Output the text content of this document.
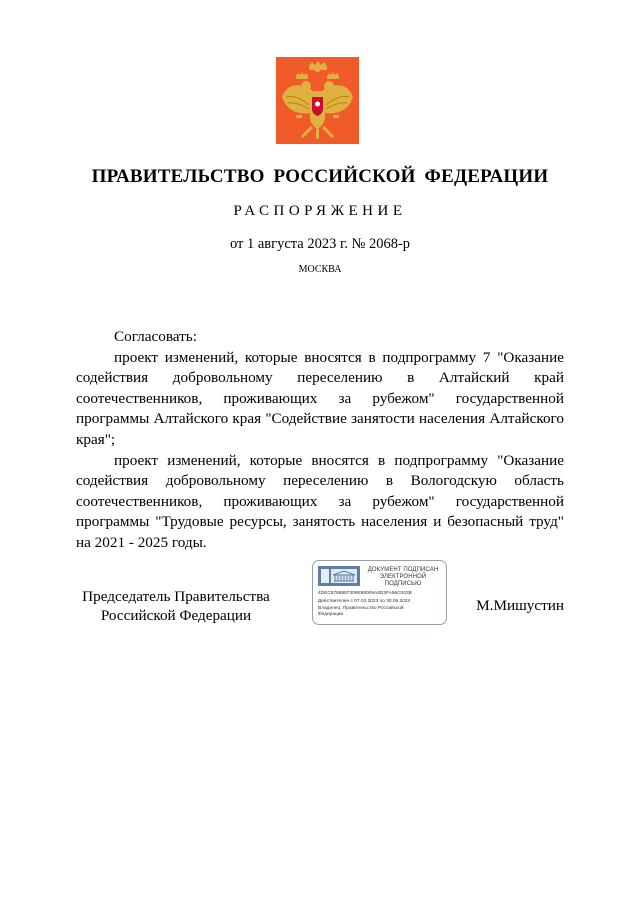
ПРАВИТЕЛЬСТВО РОССИЙСКОЙ ФЕДЕРАЦИИ
РАСПОРЯЖЕНИЕ
от 1 августа 2023 г. № 2068-р
МОСКВА

Согласовать:

проект изменений, которые вносятся в подпрограмму 7 "Оказание содействия добровольному переселению в Алтайский край соотечественников, проживающих за рубежом" государственной программы Алтайского края "Содействие занятости населения Алтайского края";

проект изменений, которые вносятся в подпрограмму "Оказание содействия добровольному переселению в Вологодскую область соотечественников, проживающих за рубежом" государственной программы "Трудовые ресурсы, занятость населения и безопасный труд" на 2021 - 2025 годы.

Председатель Правительства
Российской Федерации
ДОКУМЕНТ ПОДПИСАН
ЭЛЕКТРОННОЙ ПОДПИСЬЮ
4DEC5788887309E88009A6D3FA96C003B
Действителен с 07.03.2023 по 30.05.2024
Владелец: Правительство Российской
Федерации
М.Мишустин
